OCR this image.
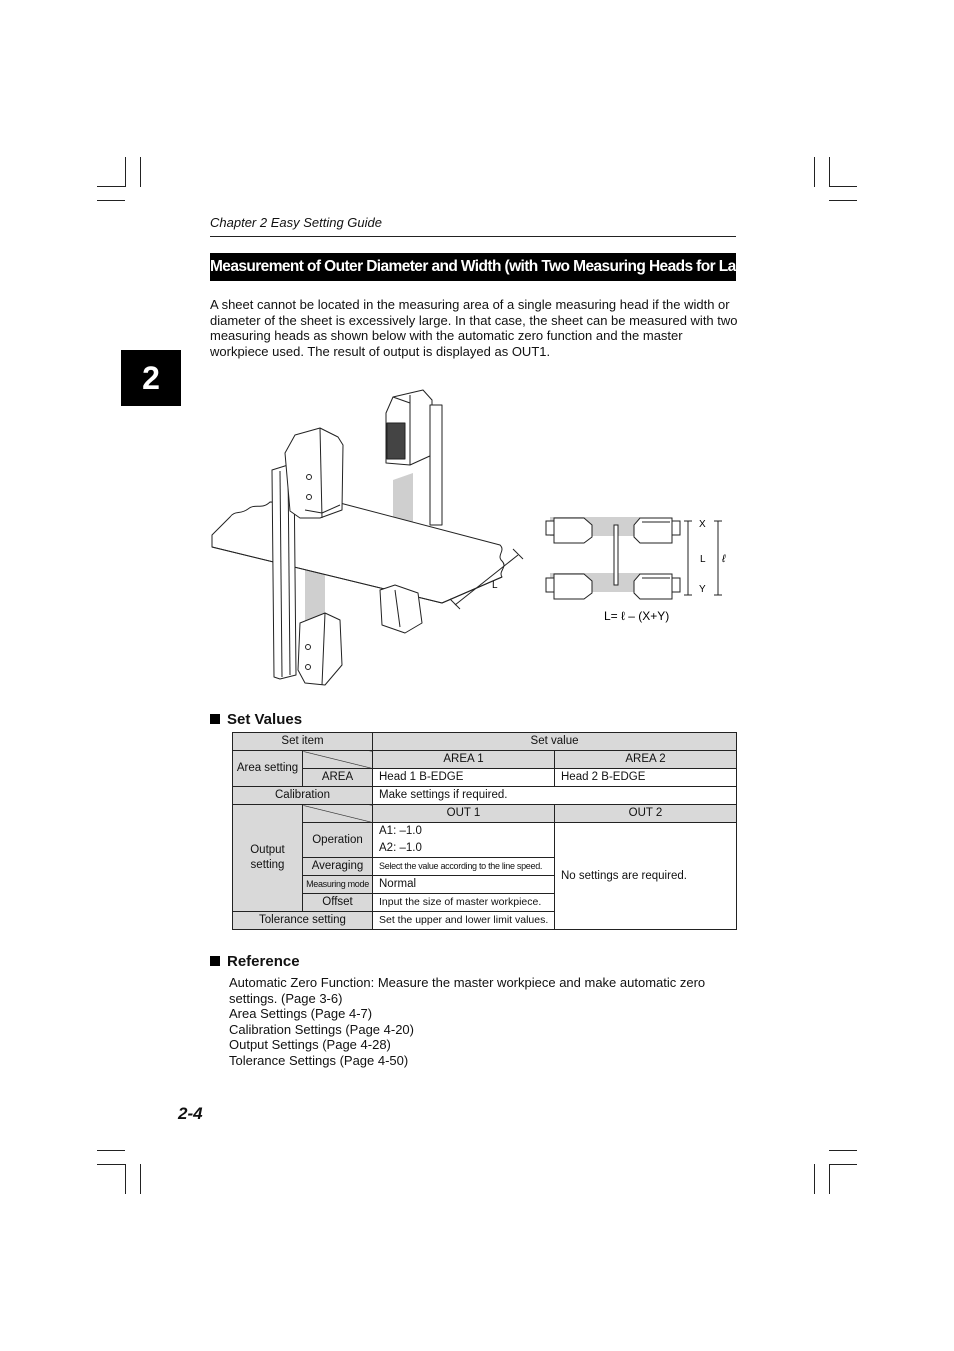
Chapter 2 Easy Setting Guide
Measurement of Outer Diameter and Width (with Two Measuring Heads for Larger Objects)
A sheet cannot be located in the measuring area of a single measuring head if the width or diameter of the sheet is excessively large. In that case, the sheet can be measured with two measuring heads as shown below with the automatic zero function and the master workpiece used. The result of output is displayed as OUT1.
2
L
X
L ℓ
Y
L= ℓ – (X+Y)
Set Values
Set item		Set value	
Area setting		AREA 1	AREA 2
	AREA	Head 1 B-EDGE	Head 2 B-EDGE
Calibration		Make settings if required.	
Output setting		OUT 1	OUT 2
	Operation	A1: –1.0	No settings are required.
		A2: –1.0	
	Averaging	Select the value according to the line speed.	
	Measuring mode	Normal	
	Offset	Input the size of master workpiece.	
Tolerance setting		Set the upper and lower limit values.	
Reference
Automatic Zero Function: Measure the master workpiece and make automatic zero settings. (Page 3-6)
Area Settings (Page 4-7)
Calibration Settings (Page 4-20)
Output Settings (Page 4-28)
Tolerance Settings (Page 4-50)
2-4
